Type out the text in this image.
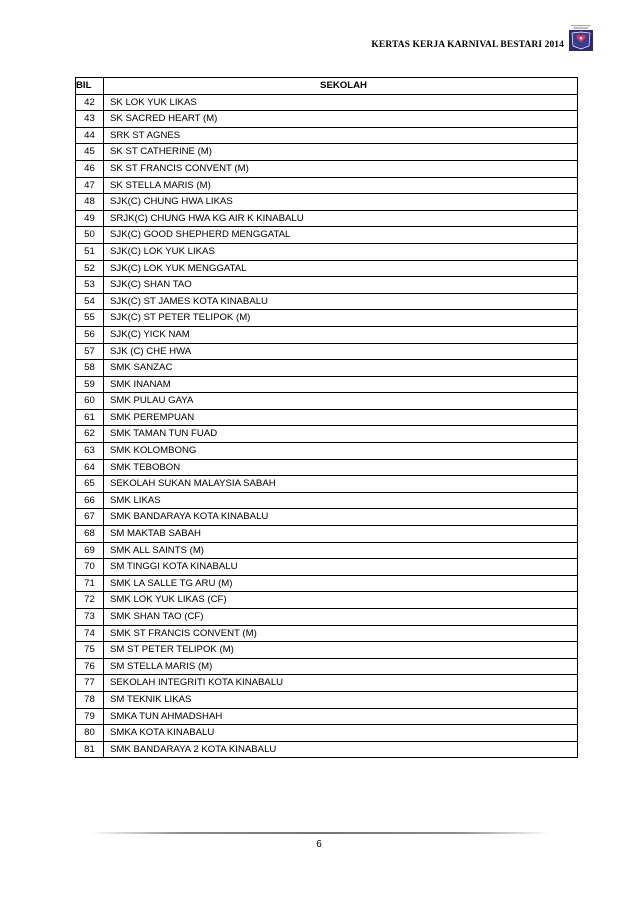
KERTAS KERJA KARNIVAL BESTARI 2014
BIL	SEKOLAH
42	SK LOK YUK LIKAS
43	SK SACRED HEART (M)
44	SRK ST AGNES
45	SK ST CATHERINE (M)
46	SK ST FRANCIS CONVENT (M)
47	SK STELLA MARIS (M)
48	SJK(C) CHUNG HWA LIKAS
49	SRJK(C) CHUNG HWA KG AIR K KINABALU
50	SJK(C) GOOD SHEPHERD MENGGATAL
51	SJK(C) LOK YUK LIKAS
52	SJK(C) LOK YUK MENGGATAL
53	SJK(C) SHAN TAO
54	SJK(C) ST JAMES KOTA KINABALU
55	SJK(C) ST PETER TELIPOK (M)
56	SJK(C) YICK NAM
57	SJK (C) CHE HWA
58	SMK SANZAC
59	SMK INANAM
60	SMK PULAU GAYA
61	SMK PEREMPUAN
62	SMK TAMAN TUN FUAD
63	SMK KOLOMBONG
64	SMK TEBOBON
65	SEKOLAH SUKAN MALAYSIA SABAH
66	SMK LIKAS
67	SMK BANDARAYA KOTA KINABALU
68	SM MAKTAB SABAH
69	SMK ALL SAINTS (M)
70	SM TINGGI KOTA KINABALU
71	SMK LA SALLE TG ARU (M)
72	SMK LOK YUK LIKAS (CF)
73	SMK SHAN TAO (CF)
74	SMK ST FRANCIS CONVENT (M)
75	SM ST PETER TELIPOK (M)
76	SM STELLA MARIS (M)
77	SEKOLAH INTEGRITI KOTA KINABALU
78	SM TEKNIK LIKAS
79	SMKA TUN AHMADSHAH
80	SMKA KOTA KINABALU
81	SMK BANDARAYA 2 KOTA KINABALU
6
